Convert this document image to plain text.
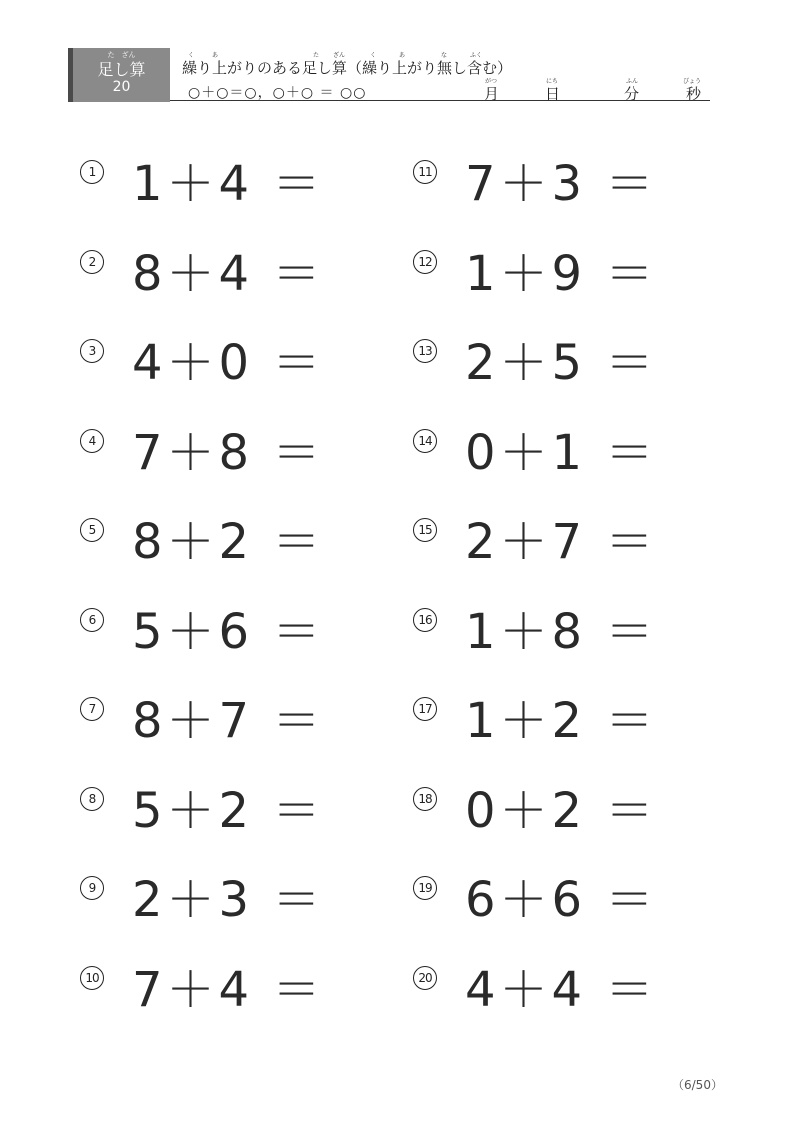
た　ざん
足し算
20
く	あ	た ざん	く	あ	な	ふく
繰り上がりのある足し算（繰り上がり無し含む）
○＋○＝○，○＋○ ＝ ○○
がつ
月
にち
日
ふん
分
びょう
秒
1 1＋4 ＝
2 8＋4 ＝
3 4＋0 ＝
4 7＋8 ＝
5 8＋2 ＝
6 5＋6 ＝
7 8＋7 ＝
8 5＋2 ＝
9 2＋3 ＝
10 7＋4 ＝
11 7＋3 ＝
12 1＋9 ＝
13 2＋5 ＝
14 0＋1 ＝
15 2＋7 ＝
16 1＋8 ＝
17 1＋2 ＝
18 0＋2 ＝
19 6＋6 ＝
20 4＋4 ＝
（6/50）
